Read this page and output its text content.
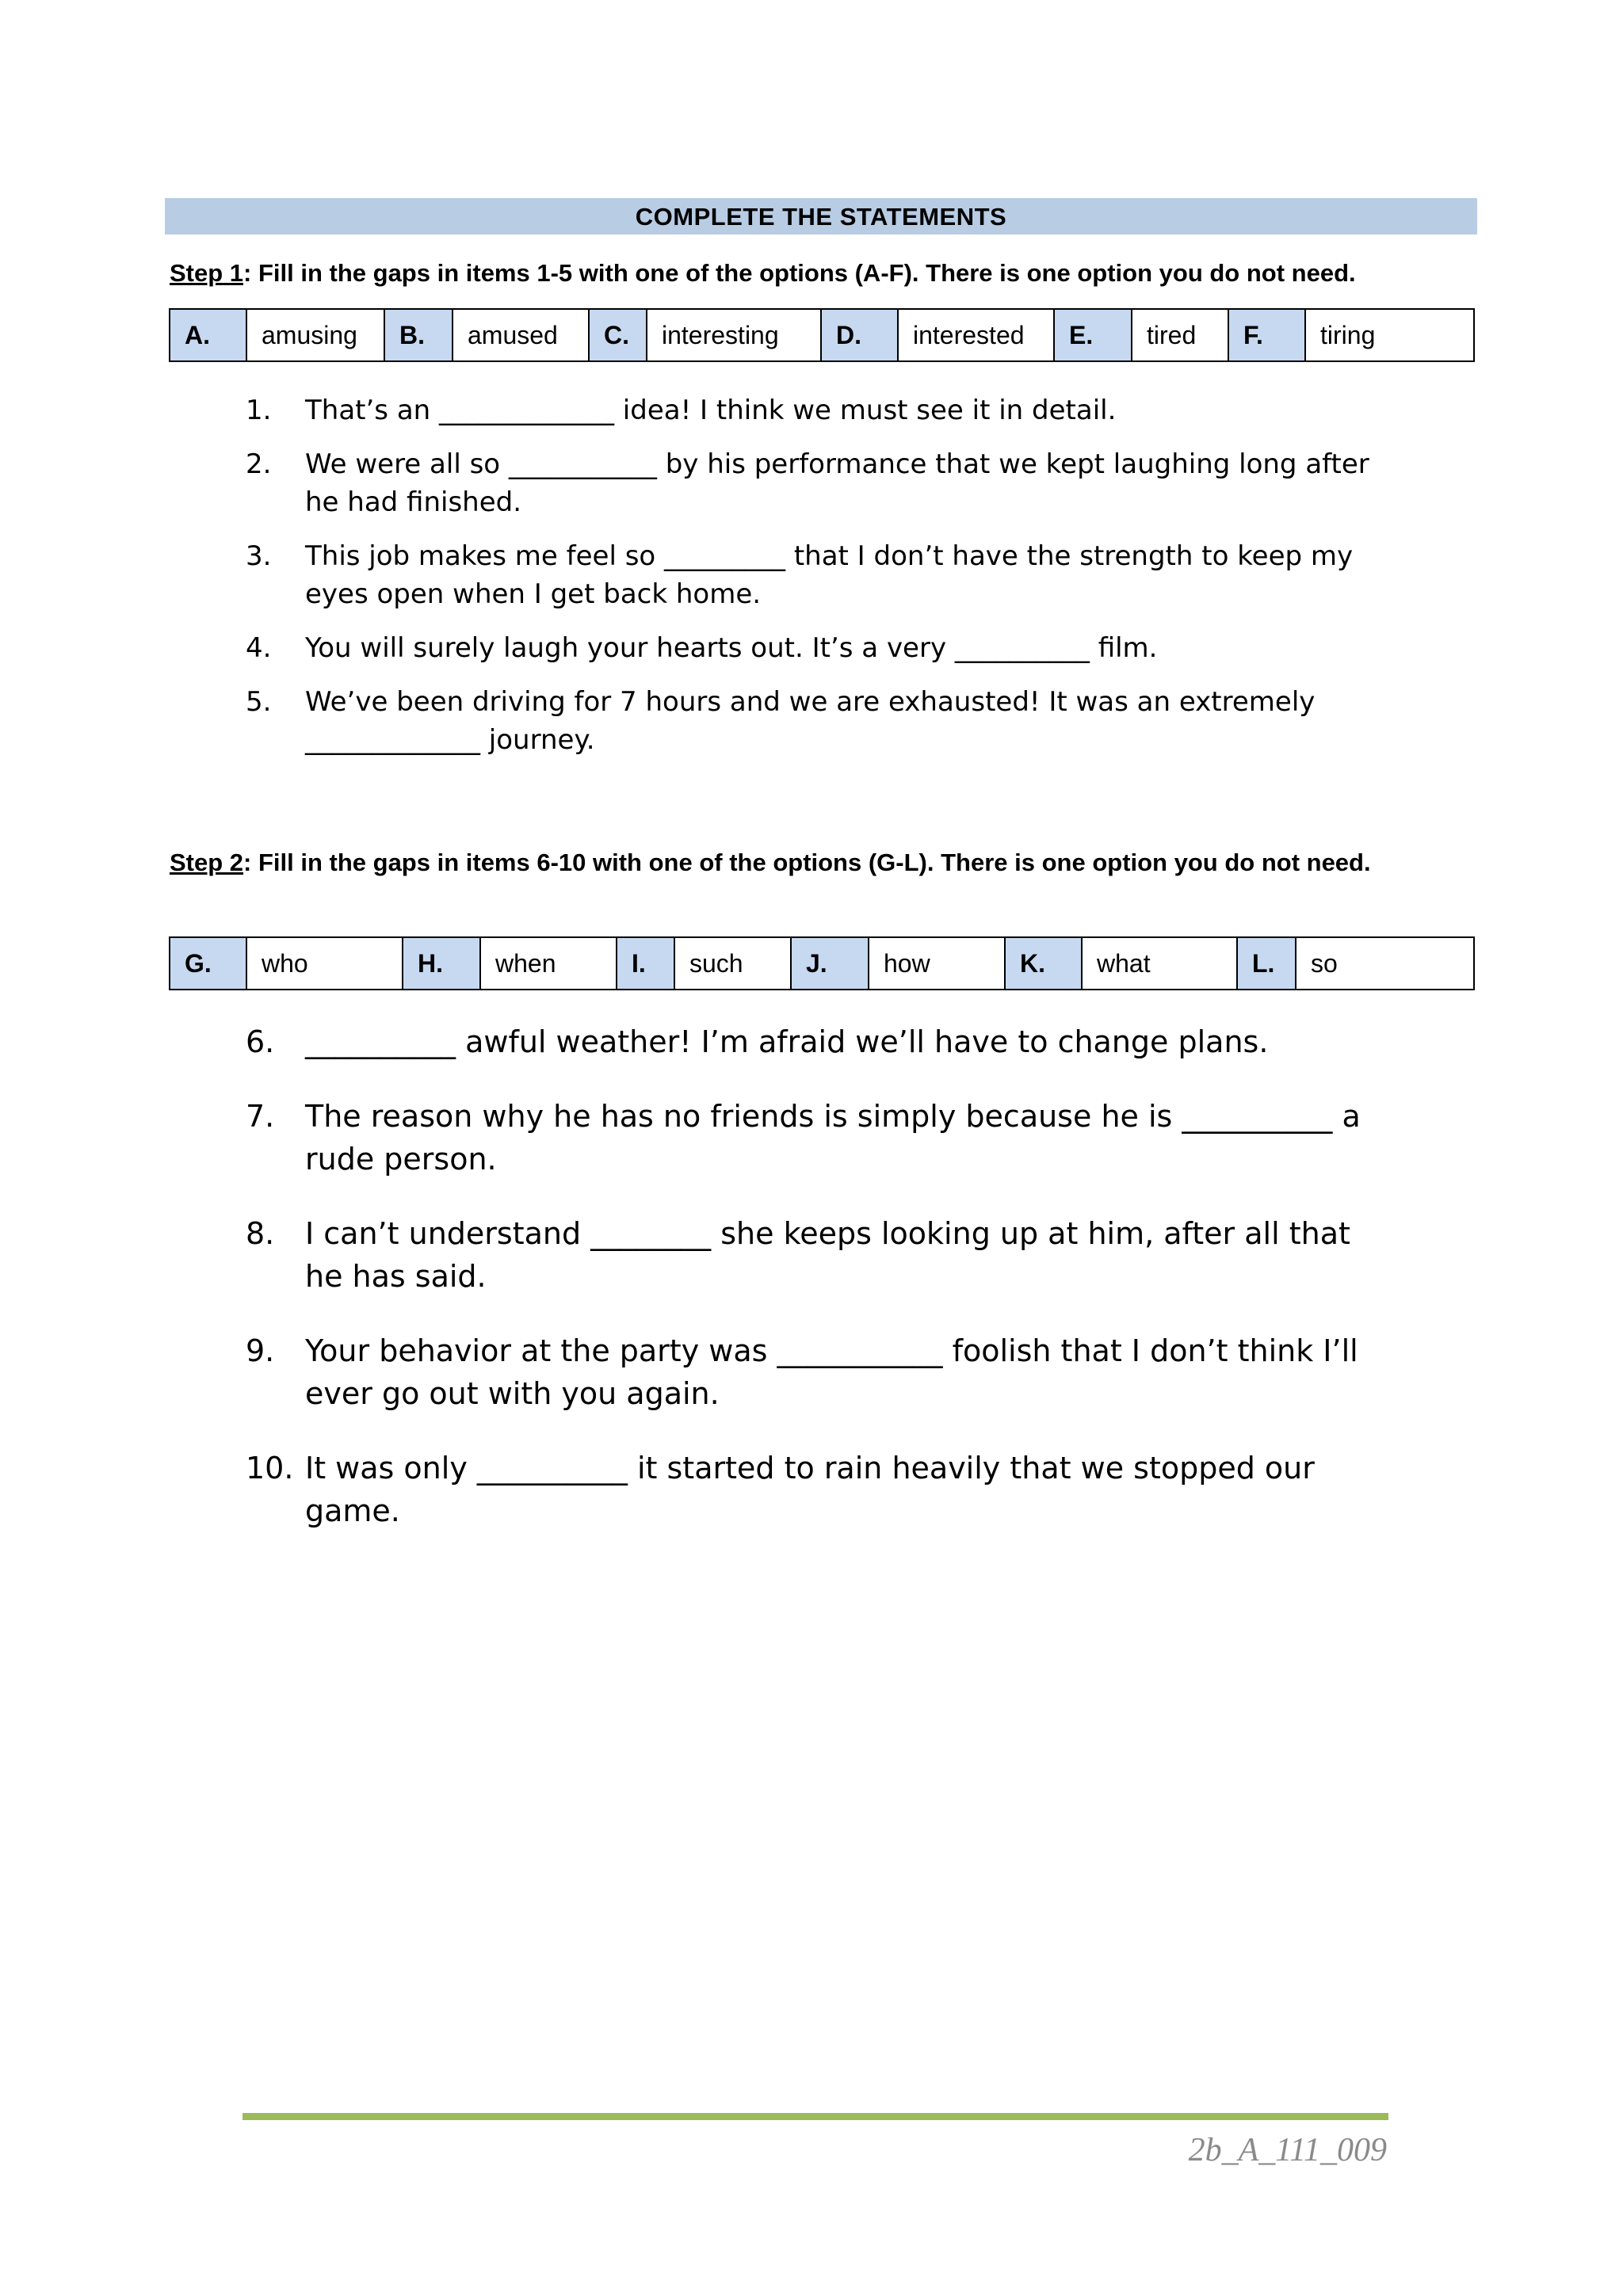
COMPLETE THE STATEMENTS
Step 1: Fill in the gaps in items 1-5 with one of the options (A-F). There is one option you do not need.
A.	amusing	B.	amused	C.	interesting	D.	interested	E.	tired	F.	tiring
1. That’s an _____________ idea! I think we must see it in detail.
2. We were all so ___________ by his performance that we kept laughing long after he had finished.
3. This job makes me feel so _________ that I don’t have the strength to keep my eyes open when I get back home.
4. You will surely laugh your hearts out. It’s a very __________ film.
5. We’ve been driving for 7 hours and we are exhausted! It was an extremely _____________ journey.
Step 2: Fill in the gaps in items 6-10 with one of the options (G-L). There is one option you do not need.
G.	who	H.	when	I.	such	J.	how	K.	what	L.	so
6. __________ awful weather! I’m afraid we’ll have to change plans.
7. The reason why he has no friends is simply because he is __________ a rude person.
8. I can’t understand ________ she keeps looking up at him, after all that he has said.
9. Your behavior at the party was ___________ foolish that I don’t think I’ll ever go out with you again.
10. It was only __________ it started to rain heavily that we stopped our game.
2b_A_111_009
